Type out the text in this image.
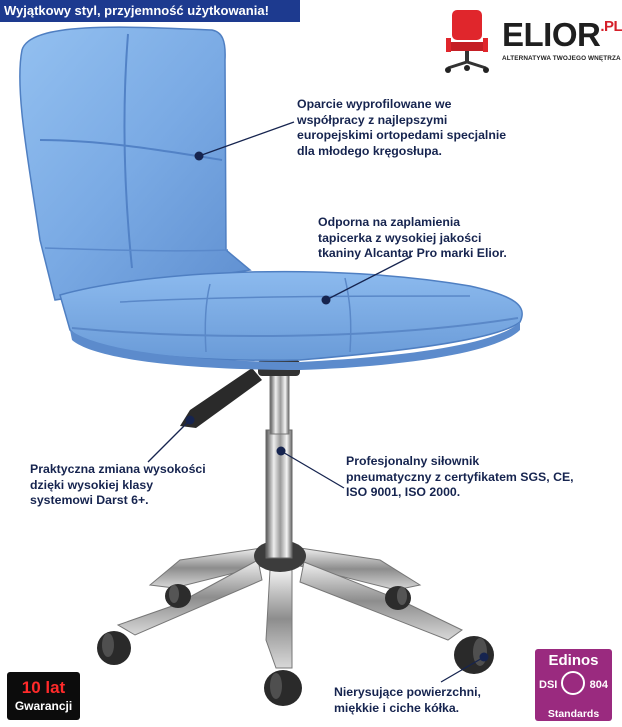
Wyjątkowy styl, przyjemność użytkowania!
$ELIOR^{.PL}$
ALTERNATYWA TWOJEGO WNĘTRZA

Oparcie wyprofilowane we
współpracy z najlepszymi
europejskimi ortopedami specjalnie
dla młodego kręgosłupa.

Odporna na zaplamienia
tapicerka z wysokiej jakości
tkaniny Alcantar Pro marki Elior.

Praktyczna zmiana wysokości
dzięki wysokiej klasy
systemowi Darst 6+.

Profesjonalny siłownik
pneumatyczny z certyfikatem SGS, CE,
ISO 9001, ISO 2000.

Nierysujące powierzchni,
miękkie i ciche kółka.

10 lat
Gwarancji
Edinos
DSI	804
Standards
